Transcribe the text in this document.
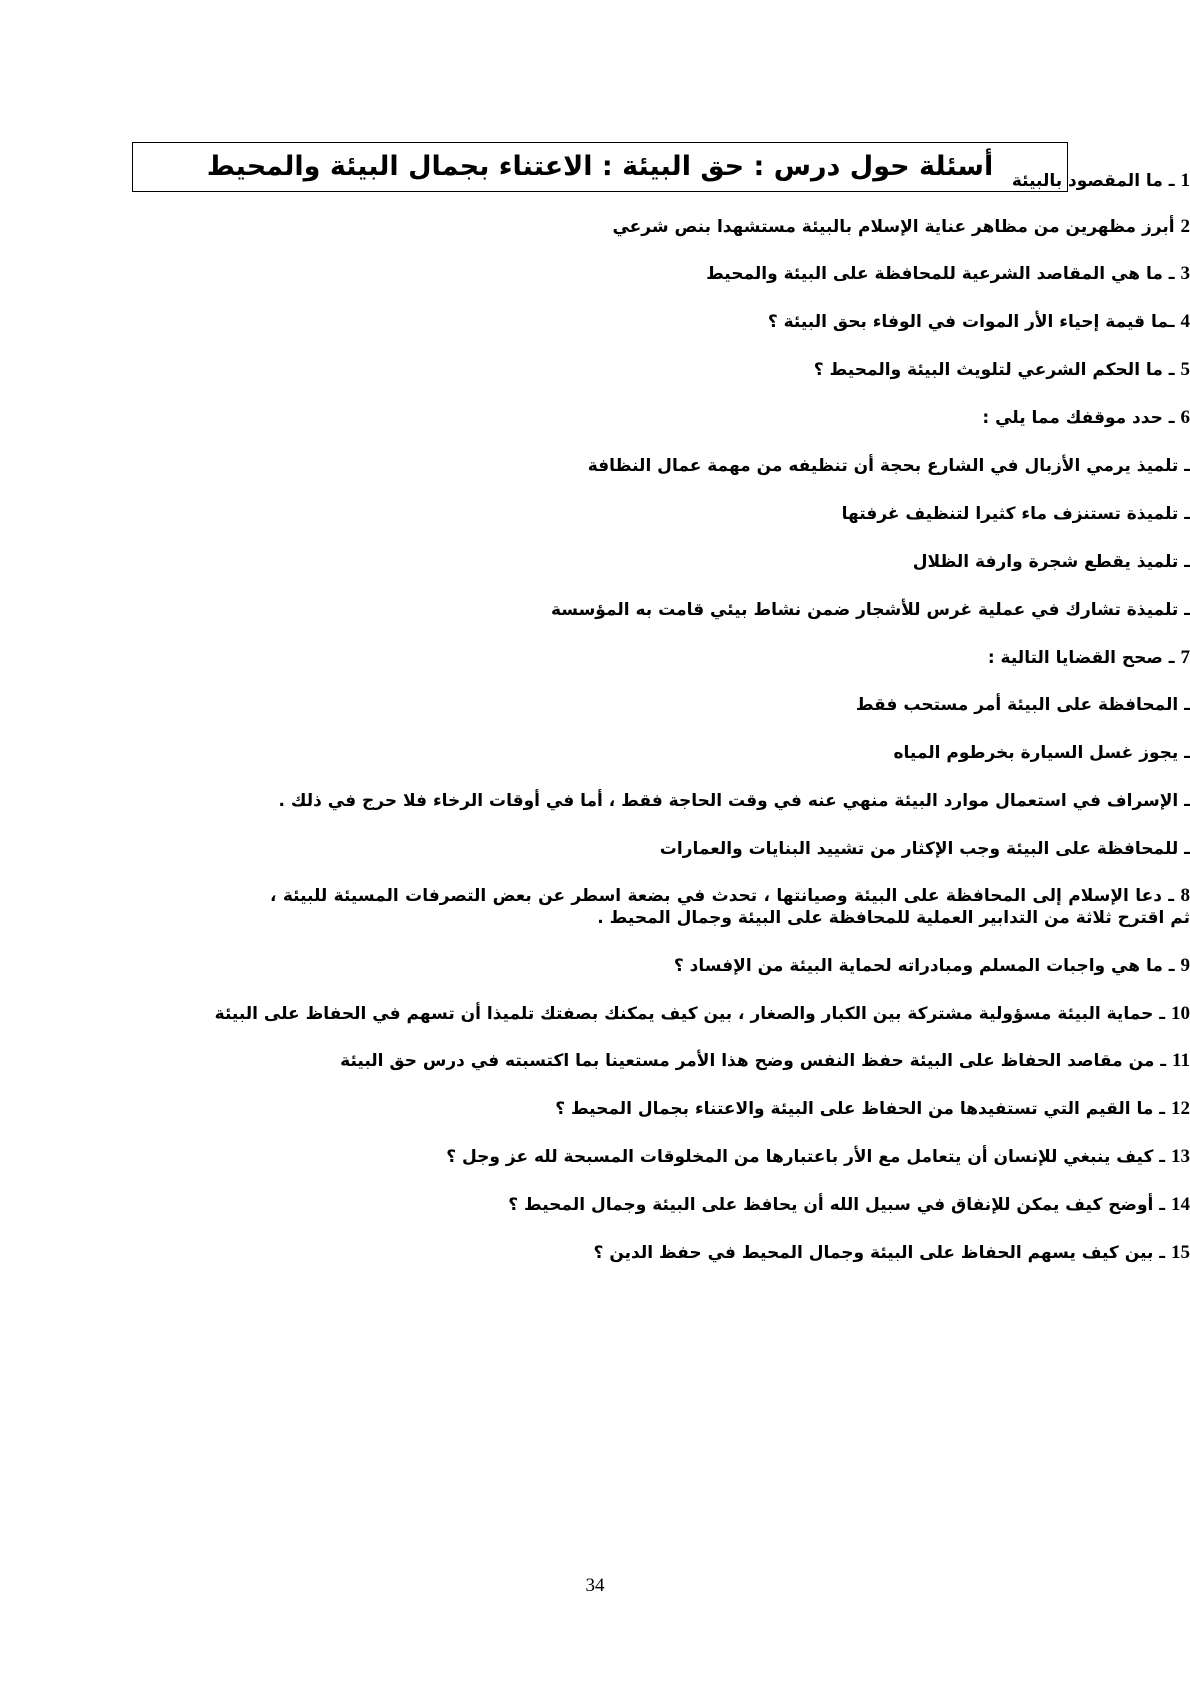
أسئلة حول درس : حق البيئة : الاعتناء بجمال البيئة والمحيط	1 ـ ما المقصود بالبيئة
2 أبرز مظهرين من مظاهر عناية الإسلام بالبيئة مستشهدا بنص شرعي
3 ـ ما هي المقاصد الشرعية للمحافظة على البيئة والمحيط
4 ـما قيمة إحياء الأر الموات في الوفاء بحق البيئة ؟
5 ـ ما الحكم الشرعي لتلويث البيئة والمحيط ؟
6 ـ حدد موقفك مما يلي :
ـ تلميذ يرمي الأزبال في الشارع بحجة أن تنظيفه من مهمة عمال النظافة
ـ تلميذة تستنزف ماء كثيرا لتنظيف غرفتها
ـ تلميذ يقطع شجرة وارفة الظلال
ـ تلميذة تشارك في عملية غرس للأشجار ضمن نشاط بيئي قامت به المؤسسة
7 ـ صحح القضايا التالية :
ـ المحافظة على البيئة أمر مستحب فقط
ـ يجوز غسل السيارة بخرطوم المياه
ـ الإسراف في استعمال موارد البيئة منهي عنه في وقت الحاجة فقط ، أما في أوقات الرخاء فلا حرج في ذلك .
ـ للمحافظة على البيئة وجب الإكثار من تشييد البنايات والعمارات
8 ـ دعا الإسلام إلى المحافظة على البيئة وصيانتها ، تحدث في بضعة اسطر عن بعض التصرفات المسيئة للبيئة ، ثم اقترح ثلاثة من التدابير العملية للمحافظة على البيئة وجمال المحيط .
9 ـ ما هي واجبات المسلم ومبادراته لحماية البيئة من الإفساد ؟
10 ـ حماية البيئة مسؤولية مشتركة بين الكبار والصغار ، بين كيف يمكنك بصفتك تلميذا أن تسهم في الحفاظ على البيئة
11 ـ من مقاصد الحفاظ على البيئة حفظ النفس وضح هذا الأمر مستعينا بما اكتسبته في درس حق البيئة
12 ـ ما القيم التي تستفيدها من الحفاظ على البيئة والاعتناء بجمال المحيط ؟
13 ـ كيف ينبغي للإنسان أن يتعامل مع الأر باعتبارها من المخلوقات المسبحة لله عز وجل ؟
14 ـ أوضح كيف يمكن للإنفاق في سبيل الله أن يحافظ على البيئة وجمال المحيط ؟
15 ـ بين كيف يسهم الحفاظ على البيئة وجمال المحيط في حفظ الدين ؟
34
